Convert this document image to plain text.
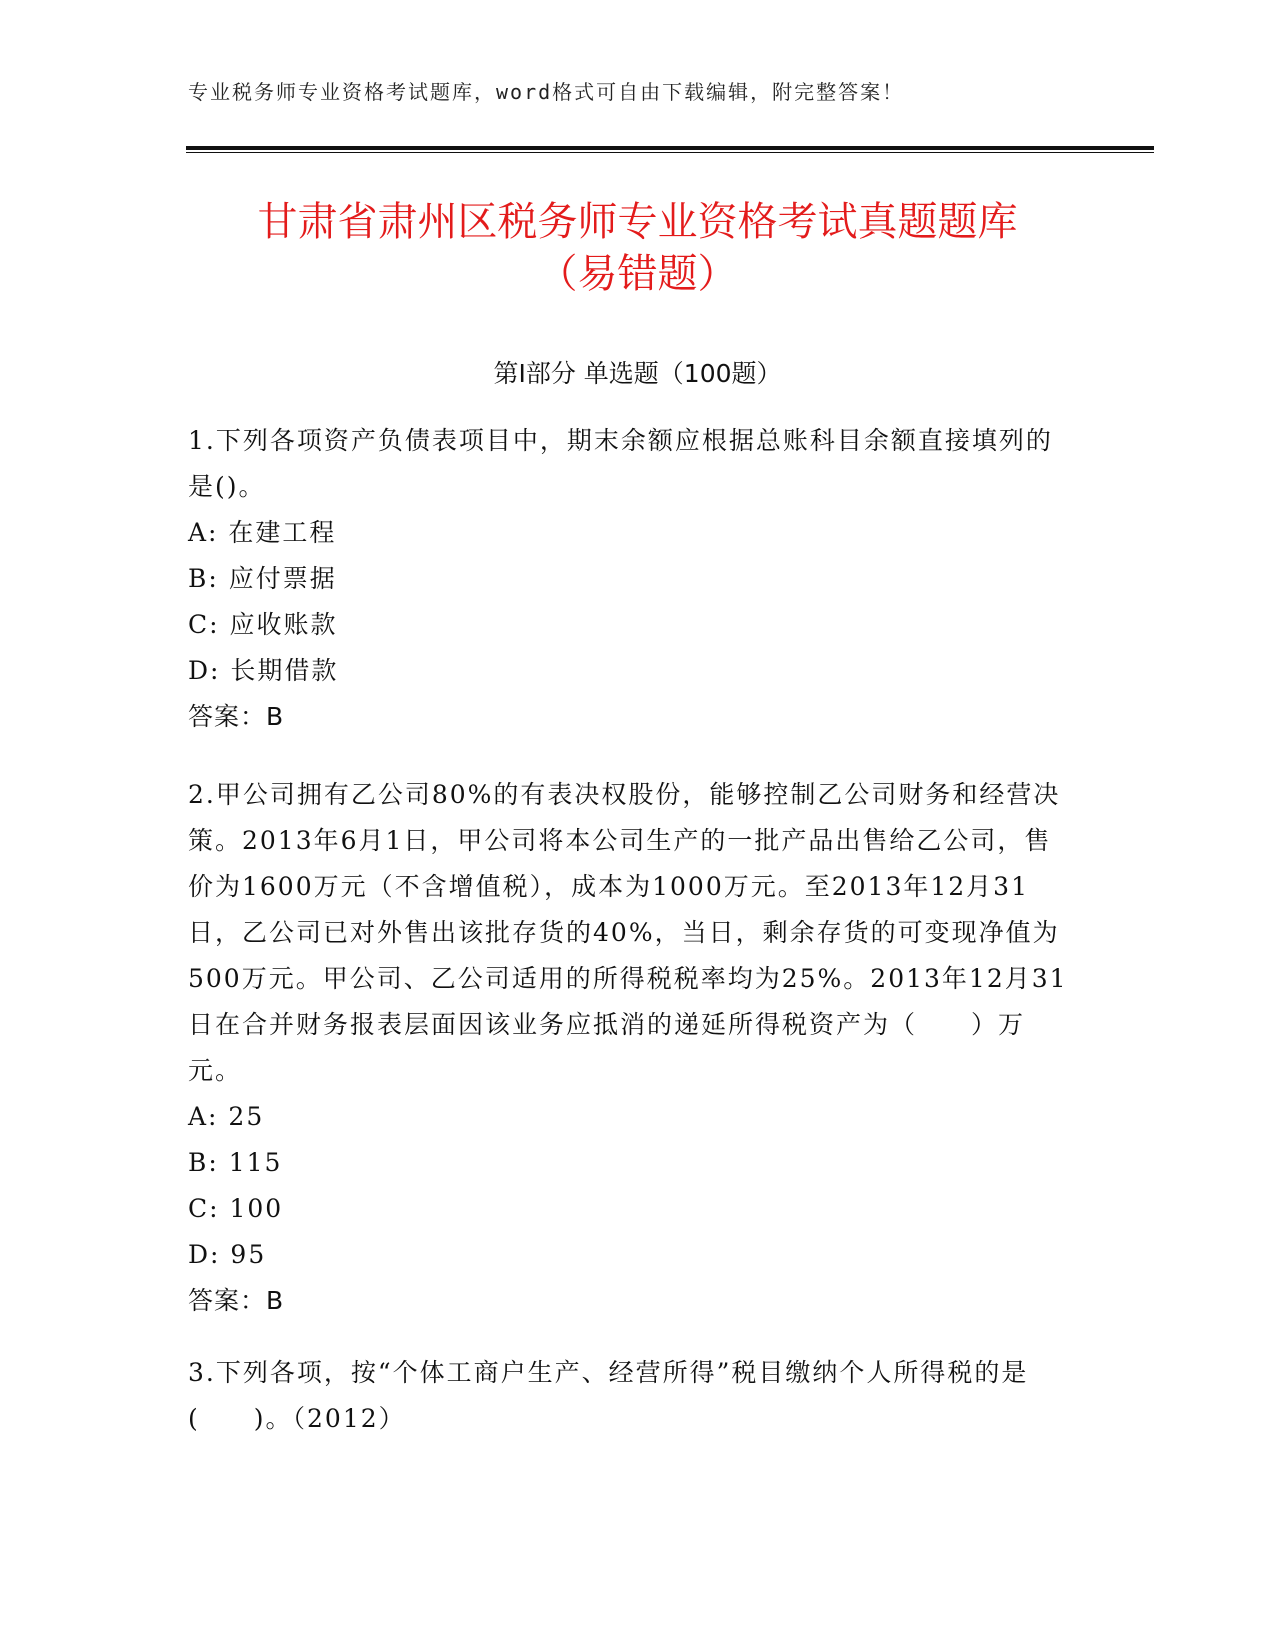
专业税务师专业资格考试题库，word格式可自由下载编辑，附完整答案！
甘肃省肃州区税务师专业资格考试真题题库
（易错题）
第Ⅰ部分 单选题（100题）

1.下列各项资产负债表项目中，期末余额应根据总账科目余额直接填列的是()。

A: 在建工程

B: 应付票据

C: 应收账款

D: 长期借款

答案：B

2.甲公司拥有乙公司80%的有表决权股份，能够控制乙公司财务和经营决策。2013年6月1日，甲公司将本公司生产的一批产品出售给乙公司，售价为1600万元（不含增值税），成本为1000万元。至2013年12月31日，乙公司已对外售出该批存货的40%，当日，剩余存货的可变现净值为500万元。甲公司、乙公司适用的所得税税率均为25%。2013年12月31日在合并财务报表层面因该业务应抵消的递延所得税资产为（　　）万元。

A: 25

B: 115

C: 100

D: 95

答案：B

3.下列各项，按“个体工商户生产、经营所得”税目缴纳个人所得税的是(　　)。（2012）
